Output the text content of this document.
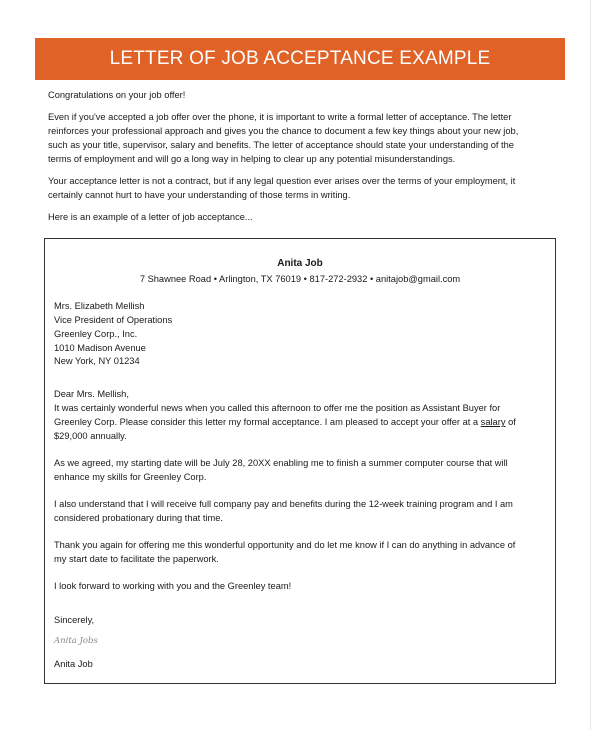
LETTER OF JOB ACCEPTANCE EXAMPLE
Congratulations on your job offer!
Even if you've accepted a job offer over the phone, it is important to write a formal letter of acceptance. The letter
reinforces your professional approach and gives you the chance to document a few key things about your new job,
such as your title, supervisor, salary and benefits. The letter of acceptance should state your understanding of the
terms of employment and will go a long way in helping to clear up any potential misunderstandings.
Your acceptance letter is not a contract, but if any legal question ever arises over the terms of your employment, it
certainly cannot hurt to have your understanding of those terms in writing.
Here is an example of a letter of job acceptance...
Anita Job
7 Shawnee Road • Arlington, TX 76019 • 817-272-2932 • anitajob@gmail.com
Mrs. Elizabeth Mellish
Vice President of Operations
Greenley Corp., Inc.
1010 Madison Avenue
New York, NY 01234
Dear Mrs. Mellish,
It was certainly wonderful news when you called this afternoon to offer me the position as Assistant Buyer for
Greenley Corp. Please consider this letter my formal acceptance. I am pleased to accept your offer at a salary of
$29,000 annually.
As we agreed, my starting date will be July 28, 20XX enabling me to finish a summer computer course that will
enhance my skills for Greenley Corp.
I also understand that I will receive full company pay and benefits during the 12-week training program and I am
considered probationary during that time.
Thank you again for offering me this wonderful opportunity and do let me know if I can do anything in advance of
my start date to facilitate the paperwork.
I look forward to working with you and the Greenley team!
Sincerely,
Anita Jobs
Anita Job
